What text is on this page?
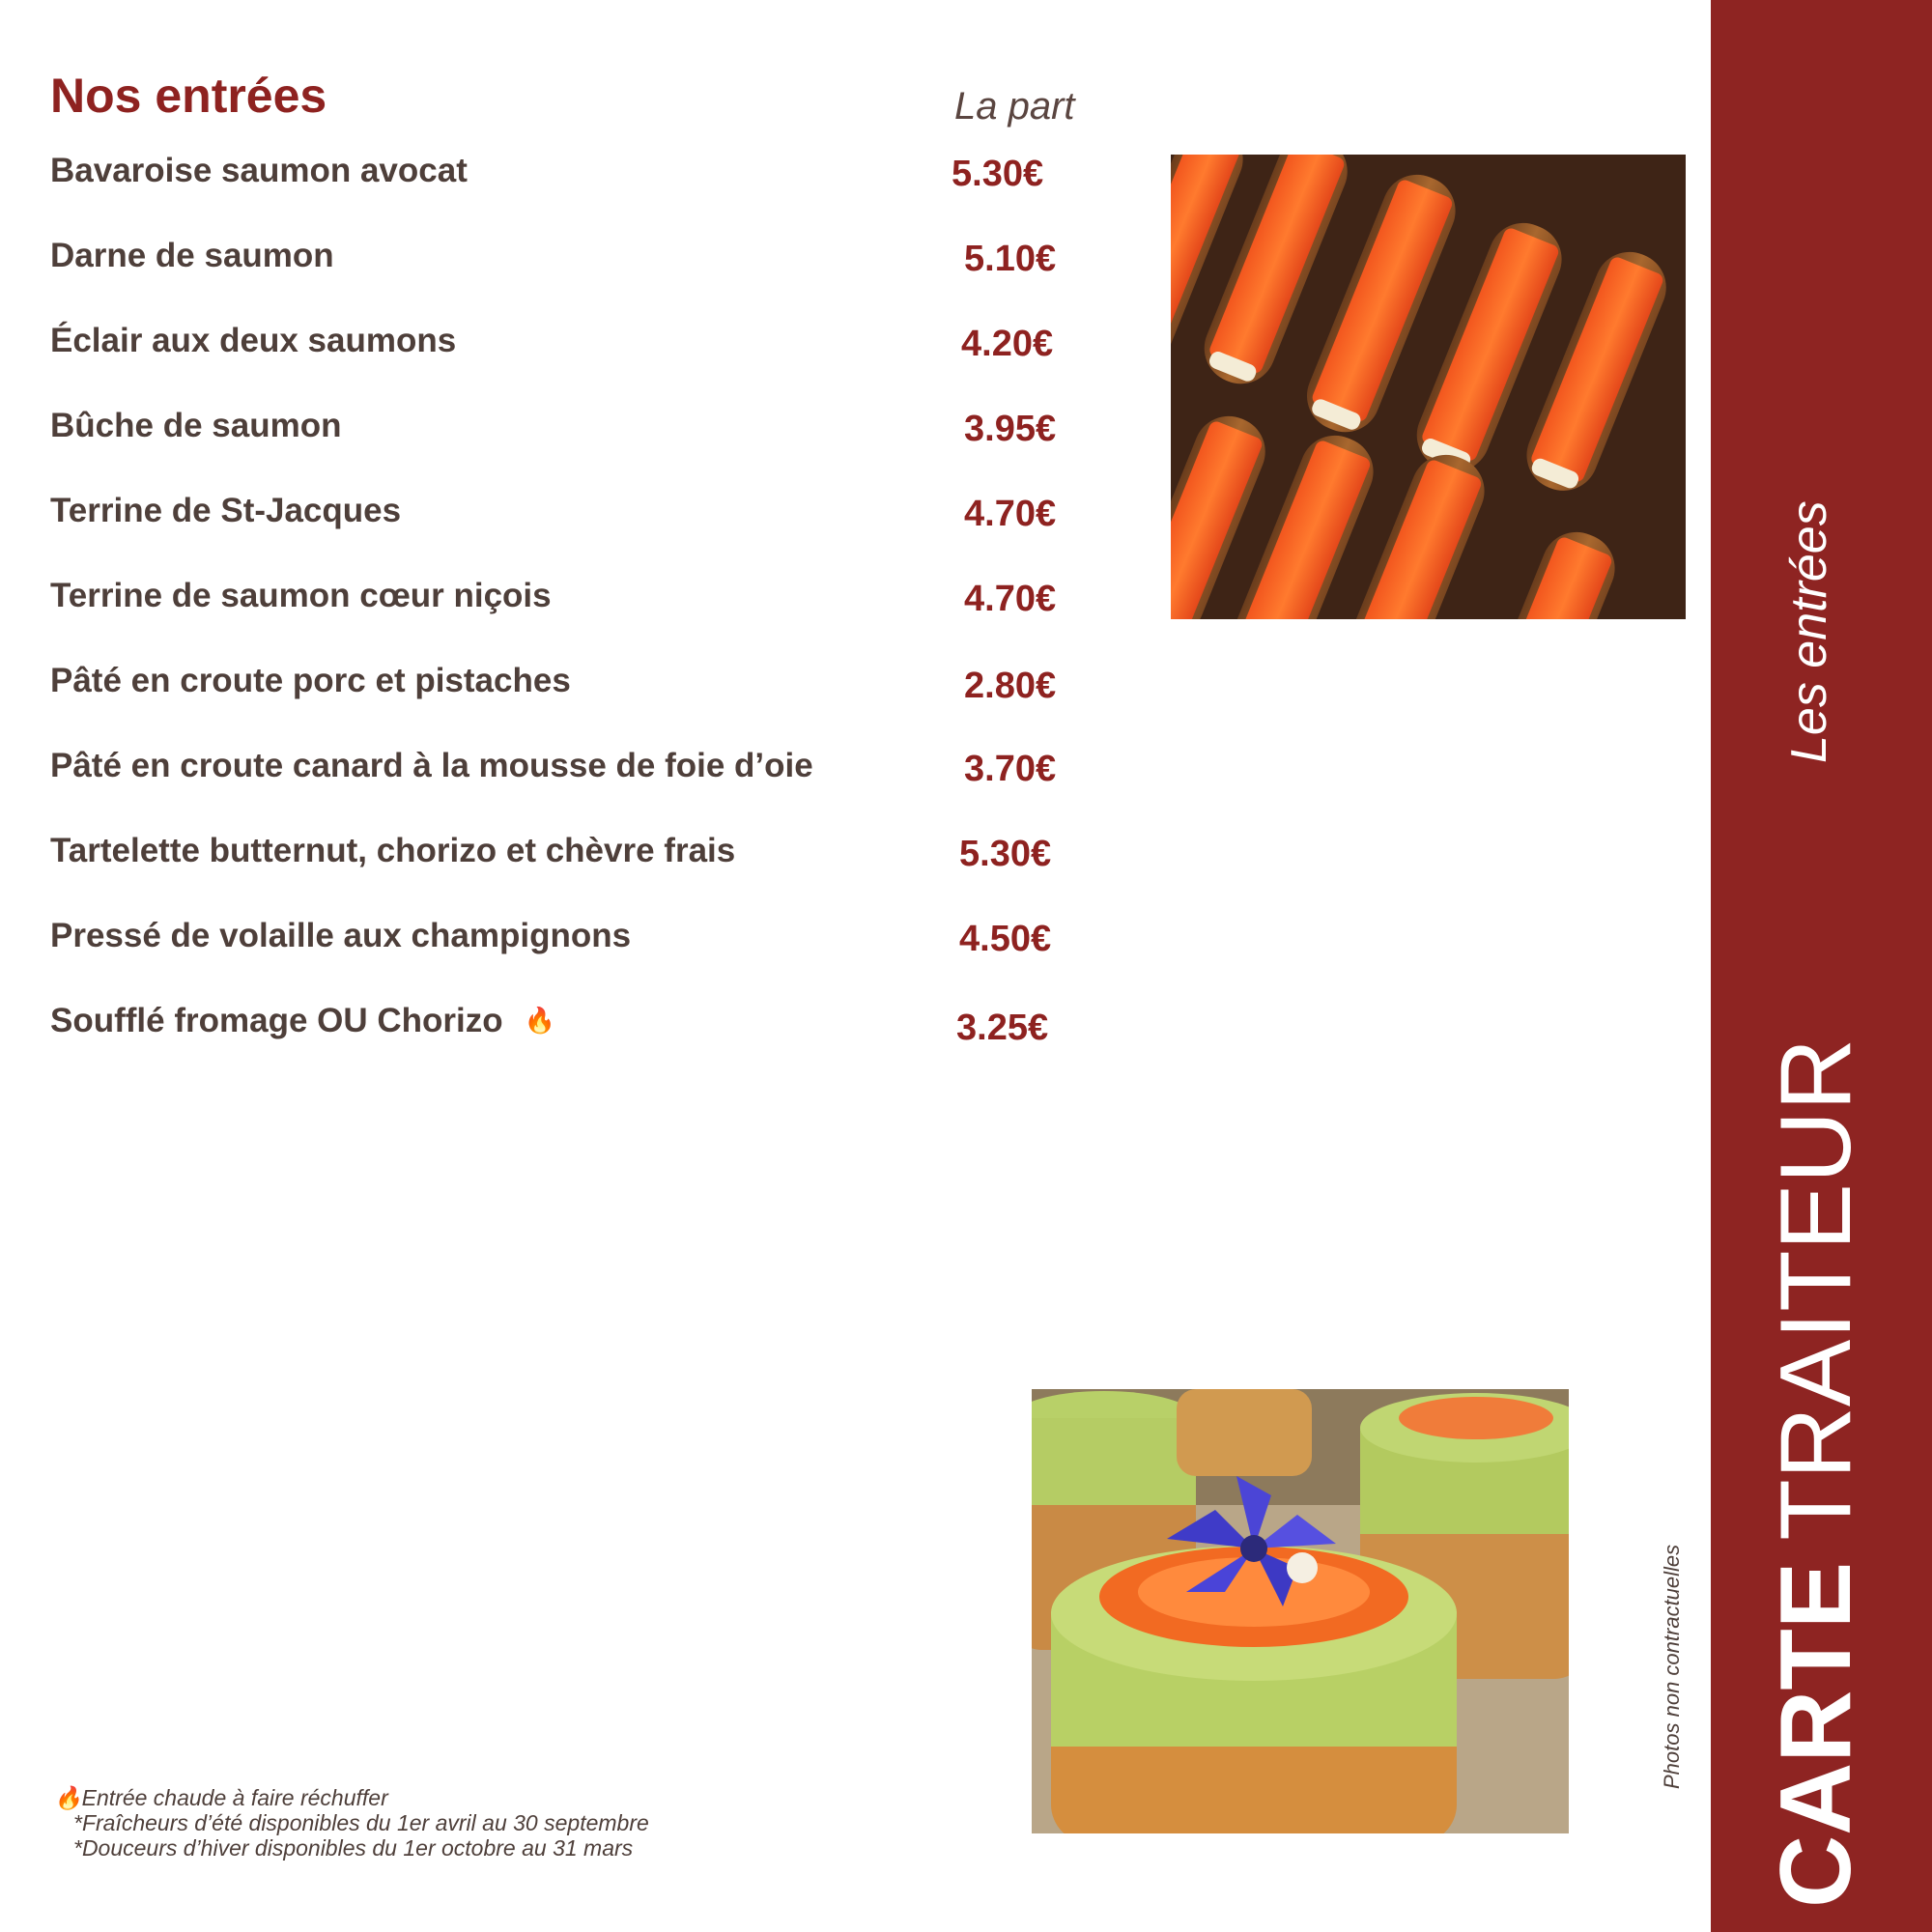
Nos entrées	La part
Bavaroise saumon avocat	5.30€
Darne de saumon	5.10€
Éclair aux deux saumons	4.20€
Bûche de saumon	3.95€
Terrine de St-Jacques	4.70€
Terrine de saumon cœur niçois	4.70€
Pâté en croute porc et pistaches	2.80€
Pâté en croute canard à la mousse de foie d’oie	3.70€
Tartelette butternut, chorizo et chèvre frais	5.30€
Pressé de volaille aux champignons	4.50€
Soufflé fromage OU Chorizo 🔥	3.25€
CARTETRAITEUR
Les entrées
Photos non contractuelles
🔥Entrée chaude à faire réchuffer
*Fraîcheurs d’été disponibles du 1er avril au 30 septembre
*Douceurs d’hiver disponibles du 1er octobre au 31 mars
